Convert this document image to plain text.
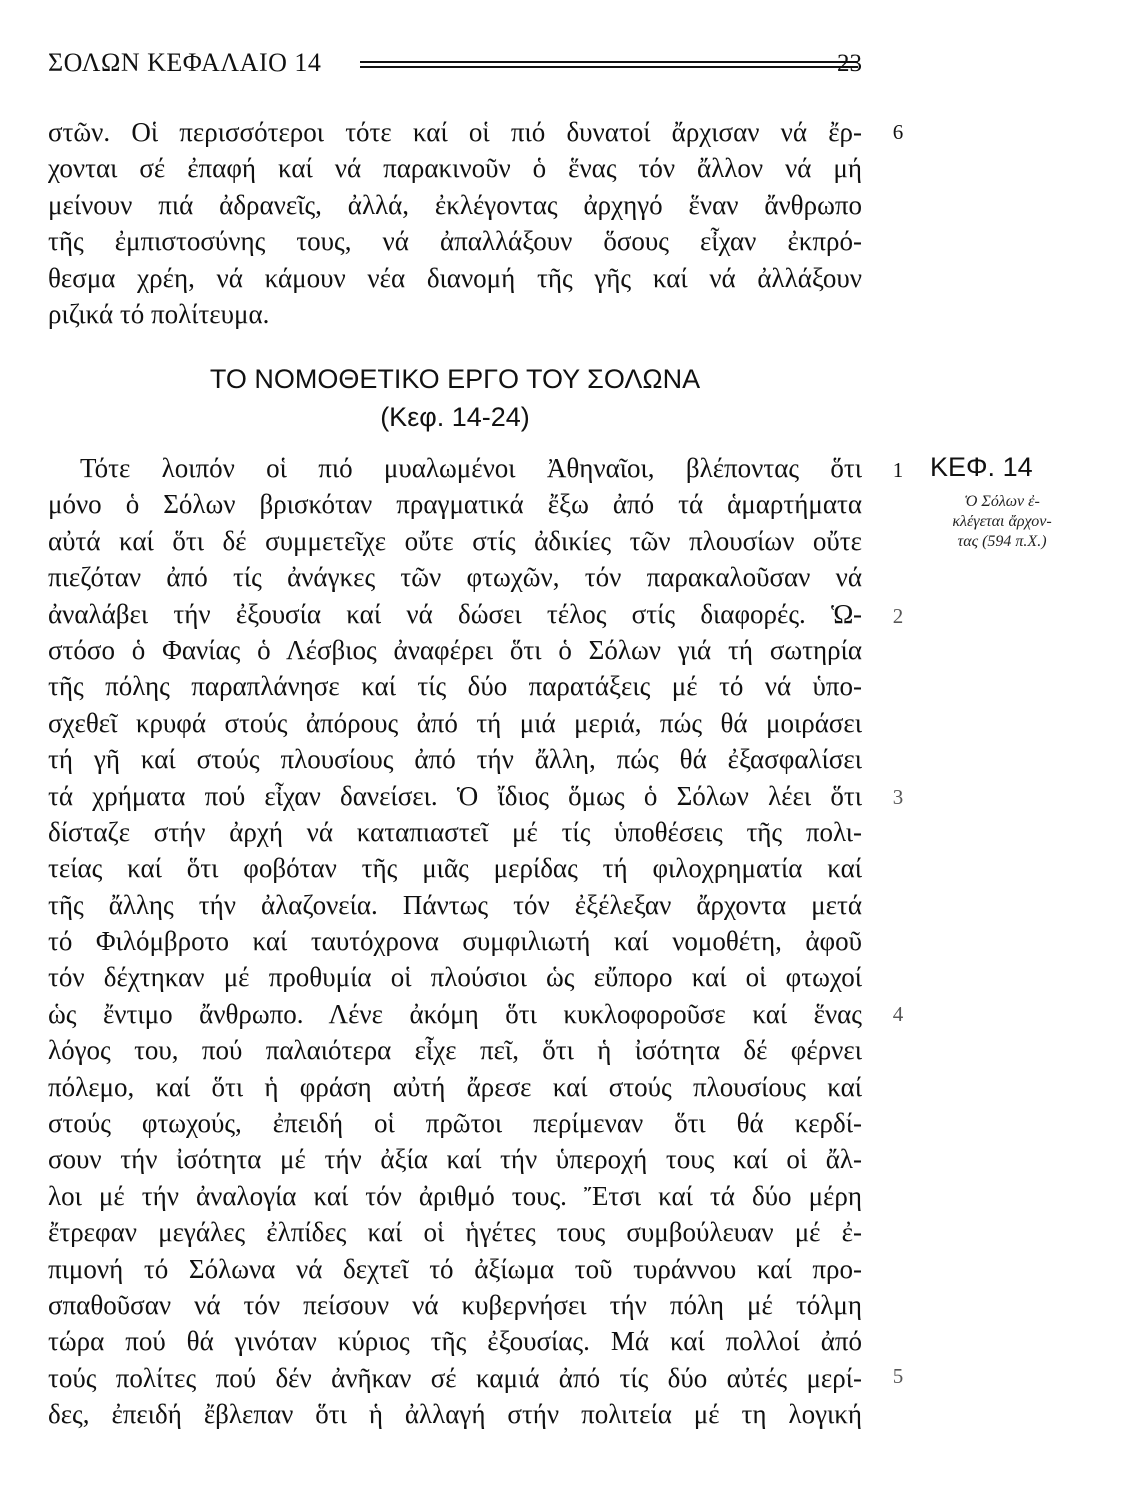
ΣΟΛΩΝ ΚΕΦΑΛΑΙΟ 14	23
στῶν. Οἱ περισσότεροι τότε καί οἱ πιό δυνατοί ἄρχισαν νά ἔρ-
χονται σέ ἐπαφή καί νά παρακινοῦν ὁ ἕνας τόν ἄλλον νά μή
μείνουν πιά ἀδρανεῖς, ἀλλά, ἐκλέγοντας ἀρχηγό ἕναν ἄνθρωπο
τῆς ἐμπιστοσύνης τους, νά ἀπαλλάξουν ὅσους εἶχαν ἐκπρό-
θεσμα χρέη, νά κάμουν νέα διανομή τῆς γῆς καί νά ἀλλάξουν
ριζικά τό πολίτευμα.
6
ΤΟ ΝΟΜΟΘΕΤΙΚΟ ΕΡΓΟ ΤΟΥ ΣΟΛΩΝΑ
(Κεφ. 14-24)
Τότε λοιπόν οἱ πιό μυαλωμένοι Ἀθηναῖοι, βλέποντας ὅτι
μόνο ὁ Σόλων βρισκόταν πραγματικά ἔξω ἀπό τά ἁμαρτήματα
αὐτά καί ὅτι δέ συμμετεῖχε οὔτε στίς ἀδικίες τῶν πλουσίων οὔτε
πιεζόταν ἀπό τίς ἀνάγκες τῶν φτωχῶν, τόν παρακαλοῦσαν νά
ἀναλάβει τήν ἐξουσία καί νά δώσει τέλος στίς διαφορές. Ὡ-
στόσο ὁ Φανίας ὁ Λέσβιος ἀναφέρει ὅτι ὁ Σόλων γιά τή σωτηρία
τῆς πόλης παραπλάνησε καί τίς δύο παρατάξεις μέ τό νά ὑπο-
σχεθεῖ κρυφά στούς ἀπόρους ἀπό τή μιά μεριά, πώς θά μοιράσει
τή γῆ καί στούς πλουσίους ἀπό τήν ἄλλη, πώς θά ἐξασφαλίσει
τά χρήματα πού εἶχαν δανείσει. Ὁ ἴδιος ὅμως ὁ Σόλων λέει ὅτι
δίσταζε στήν ἀρχή νά καταπιαστεῖ μέ τίς ὑποθέσεις τῆς πολι-
τείας καί ὅτι φοβόταν τῆς μιᾶς μερίδας τή φιλοχρηματία καί
τῆς ἄλλης τήν ἀλαζονεία. Πάντως τόν ἐξέλεξαν ἄρχοντα μετά
τό Φιλόμβροτο καί ταυτόχρονα συμφιλιωτή καί νομοθέτη, ἀφοῦ
τόν δέχτηκαν μέ προθυμία οἱ πλούσιοι ὡς εὔπορο καί οἱ φτωχοί
ὡς ἔντιμο ἄνθρωπο. Λένε ἀκόμη ὅτι κυκλοφοροῦσε καί ἕνας
λόγος του, πού παλαιότερα εἶχε πεῖ, ὅτι ἡ ἰσότητα δέ φέρνει
πόλεμο, καί ὅτι ἡ φράση αὐτή ἄρεσε καί στούς πλουσίους καί
στούς φτωχούς, ἐπειδή οἱ πρῶτοι περίμεναν ὅτι θά κερδί-
σουν τήν ἰσότητα μέ τήν ἀξία καί τήν ὑπεροχή τους καί οἱ ἄλ-
λοι μέ τήν ἀναλογία καί τόν ἀριθμό τους. Ἔτσι καί τά δύο μέρη
ἔτρεφαν μεγάλες ἐλπίδες καί οἱ ἡγέτες τους συμβούλευαν μέ ἐ-
πιμονή τό Σόλωνα νά δεχτεῖ τό ἀξίωμα τοῦ τυράννου καί προ-
σπαθοῦσαν νά τόν πείσουν νά κυβερνήσει τήν πόλη μέ τόλμη
τώρα πού θά γινόταν κύριος τῆς ἐξουσίας. Μά καί πολλοί ἀπό
τούς πολίτες πού δέν ἀνῆκαν σέ καμιά ἀπό τίς δύο αὐτές μερί-
δες, ἐπειδή ἔβλεπαν ὅτι ἡ ἀλλαγή στήν πολιτεία μέ τη λογική
1
2
3
4
5
ΚΕΦ. 14
Ὁ Σόλων ἐ-
κλέγεται ἄρχον-
τας (594 π.Χ.)
